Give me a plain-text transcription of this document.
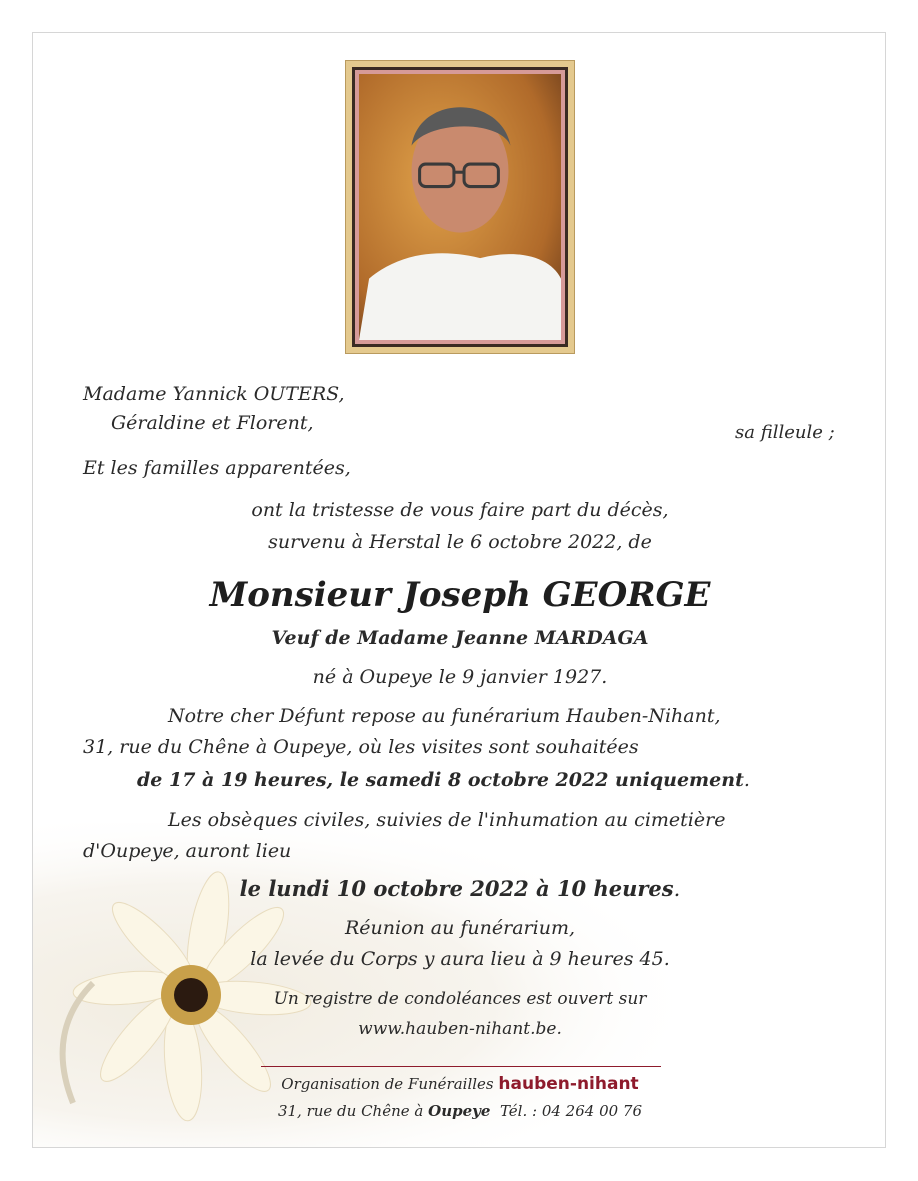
Madame Yannick OUTERS,
Géraldine et Florent,	sa filleule ;
Et les familles apparentées,
ont la tristesse de vous faire part du décès,
survenu à Herstal le 6 octobre 2022, de
Monsieur Joseph GEORGE
Veuf de Madame Jeanne MARDAGA
né à Oupeye le 9 janvier 1927.
Notre cher Défunt repose au funérarium Hauben-Nihant,
31, rue du Chêne à Oupeye, où les visites sont souhaitées
de 17 à 19 heures, le samedi 8 octobre 2022 uniquement.
Les obsèques civiles, suivies de l'inhumation au cimetière
d'Oupeye, auront lieu
le lundi 10 octobre 2022 à 10 heures.
Réunion au funérarium,
la levée du Corps y aura lieu à 9 heures 45.
Un registre de condoléances est ouvert sur
www.hauben-nihant.be.
Organisation de Funérailles hauben-nihant
31, rue du Chêne à Oupeye Tél. : 04 264 00 76
